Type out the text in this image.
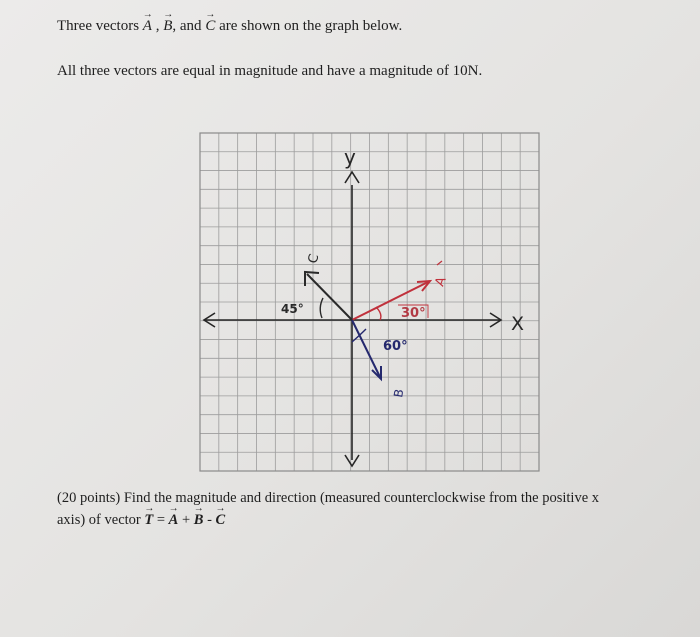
Three vectors → A , → B, and → C are shown on the graph below.
All three vectors are equal in magnitude and have a magnitude of 10N.
y
X
A
30°
60°
B
C
45°
(20 points) Find the magnitude and direction (measured counterclockwise from the positive x
axis) of vector → T = → A + → B - → C
